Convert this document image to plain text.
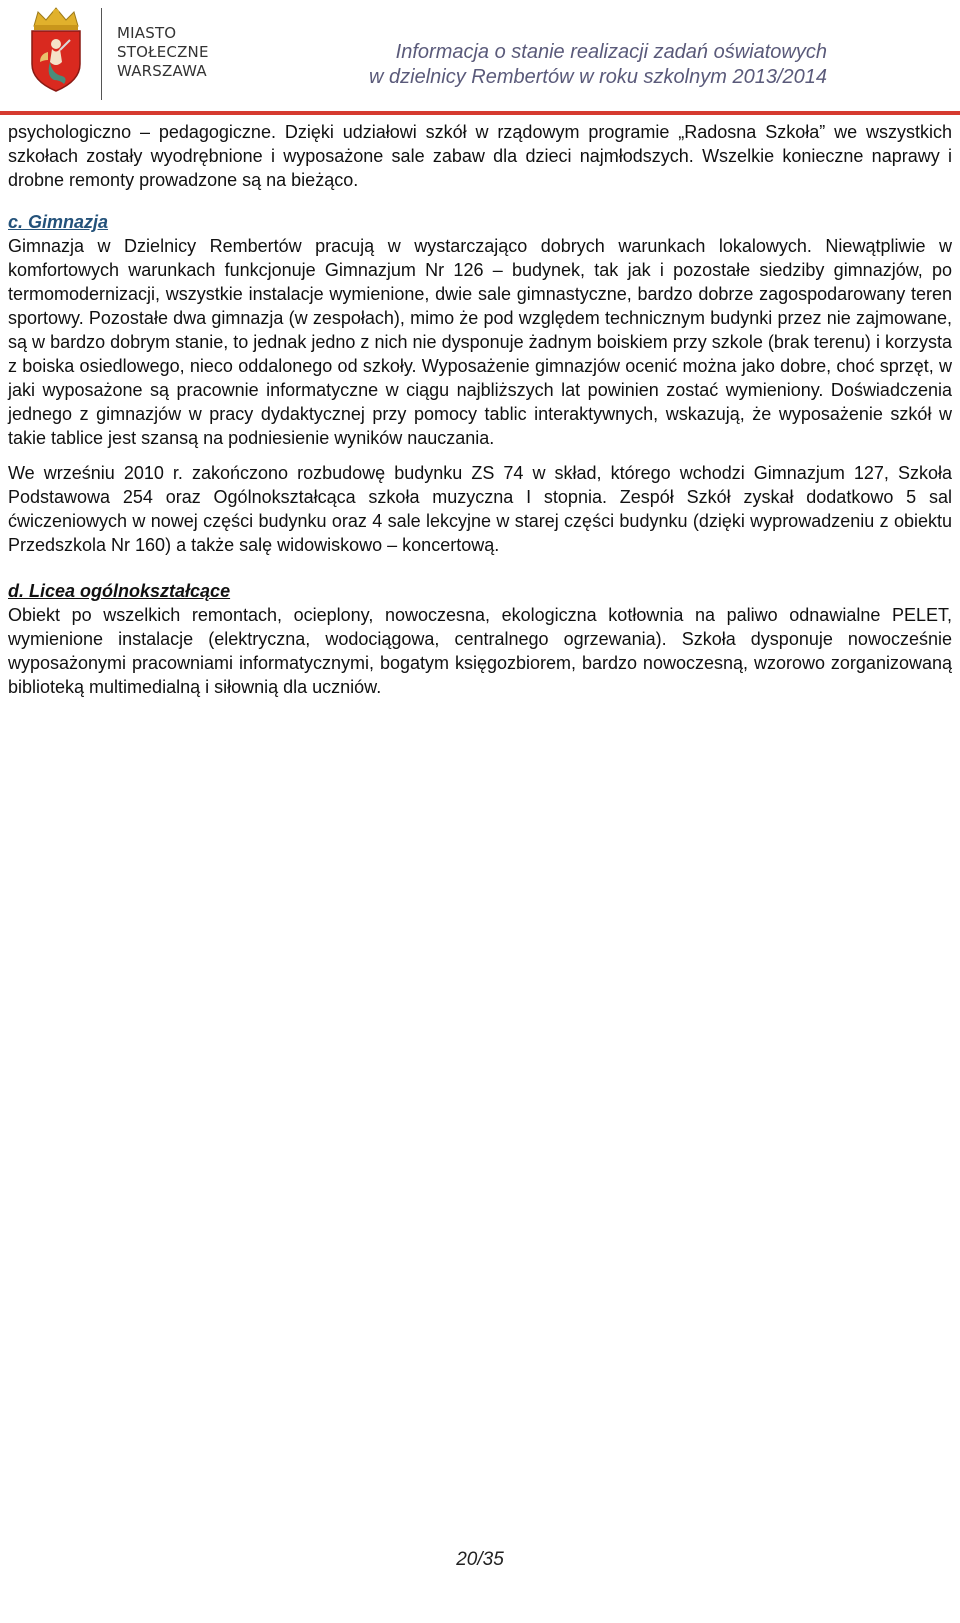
MIASTO
STOŁECZNE
WARSZAWA
Informacja o stanie realizacji zadań oświatowych
w dzielnicy Rembertów w roku szkolnym 2013/2014

psychologiczno – pedagogiczne. Dzięki udziałowi szkół w rządowym programie „Radosna Szkoła” we wszystkich szkołach zostały wyodrębnione i wyposażone sale zabaw dla dzieci najmłodszych. Wszelkie konieczne naprawy i drobne remonty prowadzone są na bieżąco.

c. Gimnazja

Gimnazja w Dzielnicy Rembertów pracują w wystarczająco dobrych warunkach lokalowych. Niewątpliwie w komfortowych warunkach funkcjonuje Gimnazjum Nr 126 – budynek, tak jak i pozostałe siedziby gimnazjów, po termomodernizacji, wszystkie instalacje wymienione, dwie sale gimnastyczne, bardzo dobrze zagospodarowany teren sportowy. Pozostałe dwa gimnazja (w zespołach), mimo że pod względem technicznym budynki przez nie zajmowane, są w bardzo dobrym stanie, to jednak jedno z nich nie dysponuje żadnym boiskiem przy szkole (brak terenu) i korzysta z boiska osiedlowego, nieco oddalonego od szkoły. Wyposażenie gimnazjów ocenić można jako dobre, choć sprzęt, w jaki wyposażone są pracownie informatyczne w ciągu najbliższych lat powinien zostać wymieniony. Doświadczenia jednego z gimnazjów w pracy dydaktycznej przy pomocy tablic interaktywnych, wskazują, że wyposażenie szkół w takie tablice jest szansą na podniesienie wyników nauczania.

We wrześniu 2010 r. zakończono rozbudowę budynku ZS 74 w skład, którego wchodzi Gimnazjum 127, Szkoła Podstawowa 254 oraz Ogólnokształcąca szkoła muzyczna I stopnia. Zespół Szkół zyskał dodatkowo 5 sal ćwiczeniowych w nowej części budynku oraz 4 sale lekcyjne w starej części budynku (dzięki wyprowadzeniu z obiektu Przedszkola Nr 160) a także salę widowiskowo – koncertową.

d. Licea ogólnokształcące

Obiekt po wszelkich remontach, ocieplony, nowoczesna, ekologiczna kotłownia na paliwo odnawialne PELET, wymienione instalacje (elektryczna, wodociągowa, centralnego ogrzewania). Szkoła dysponuje nowocześnie wyposażonymi pracowniami informatycznymi, bogatym księgozbiorem, bardzo nowoczesną, wzorowo zorganizowaną biblioteką multimedialną i siłownią dla uczniów.

20/35
